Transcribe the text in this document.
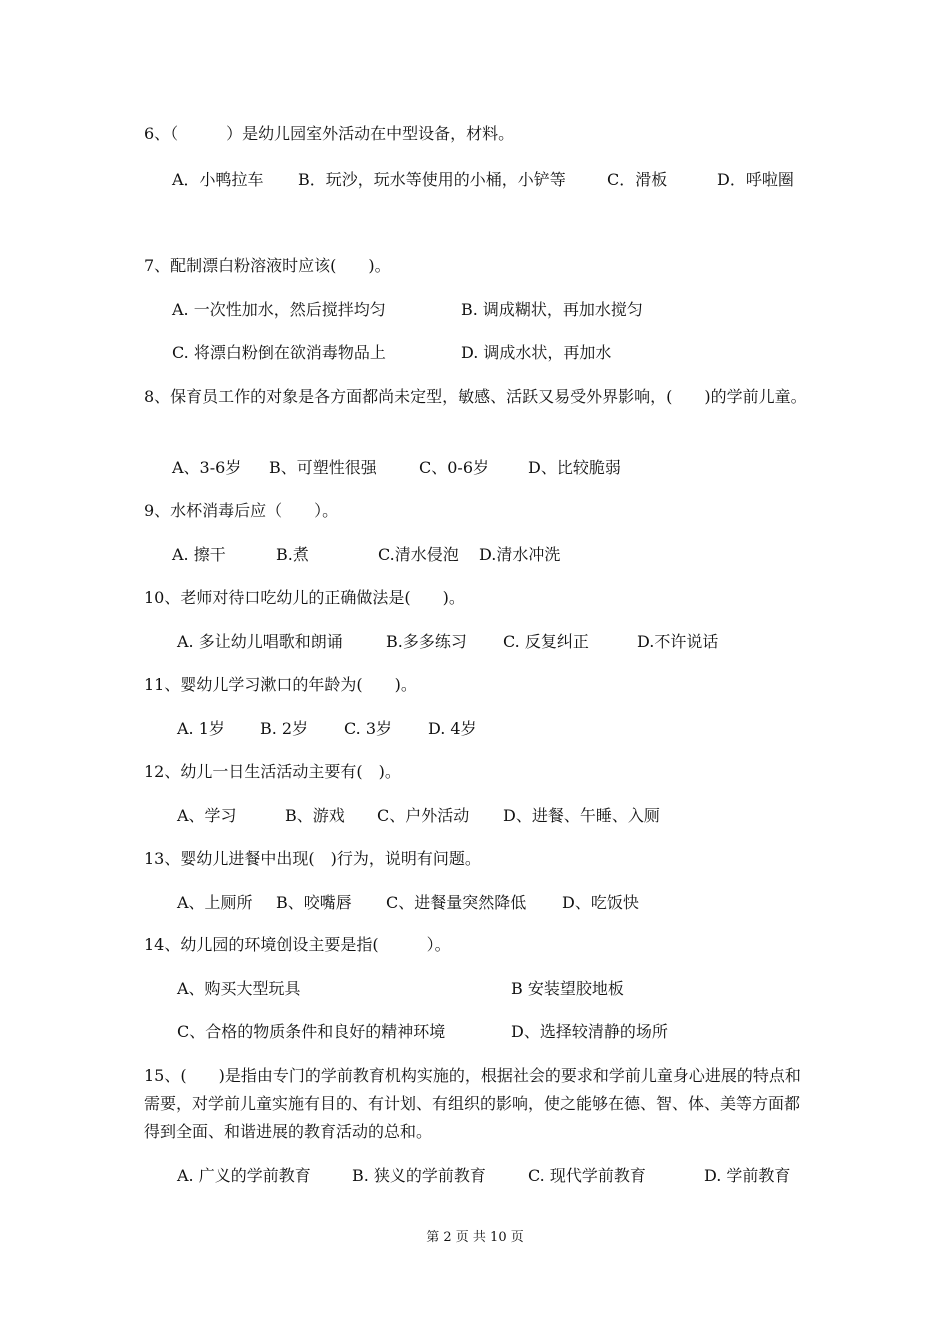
6、（　　　）是幼儿园室外活动在中型设备，材料。
A．小鸭拉车 B．玩沙，玩水等使用的小桶，小铲等	C．滑板	D．呼啦圈
7、配制漂白粉溶液时应该(　　)。
A. 一次性加水，然后搅拌均匀	B. 调成糊状，再加水搅匀
C. 将漂白粉倒在欲消毒物品上	D. 调成水状，再加水
8、保育员工作的对象是各方面都尚未定型，敏感、活跃又易受外界影响，(　　)的学前儿童。
A、3-6岁 B、可塑性很强	C、0-6岁 D、比较脆弱
9、水杯消毒后应（　　）。
A. 擦干	B.煮	C.清水侵泡 D.清水冲洗
10、老师对待口吃幼儿的正确做法是(　　)。
A. 多让幼儿唱歌和朗诵	B.多多练习 C. 反复纠正	D.不许说话
11、婴幼儿学习漱口的年龄为(　　)。
A. 1岁 B. 2岁 C. 3岁 D. 4岁
12、幼儿一日生活活动主要有(　)。
A、学习	B、游戏 C、户外活动 D、进餐、午睡、入厕
13、婴幼儿进餐中出现(　)行为，说明有问题。
A、上厕所 B、咬嘴唇 C、进餐量突然降低 D、吃饭快
14、幼儿园的环境创设主要是指(　　　）。
A、购买大型玩具	B 安装望胶地板
C、合格的物质条件和良好的精神环境	D、选择较清静的场所
15、(　　)是指由专门的学前教育机构实施的，根据社会的要求和学前儿童身心进展的特点和需要，对学前儿童实施有目的、有计划、有组织的影响，使之能够在德、智、体、美等方面都得到全面、和谐进展的教育活动的总和。
A. 广义的学前教育	B. 狭义的学前教育	C. 现代学前教育	D. 学前教育
第 2 页 共 10 页
